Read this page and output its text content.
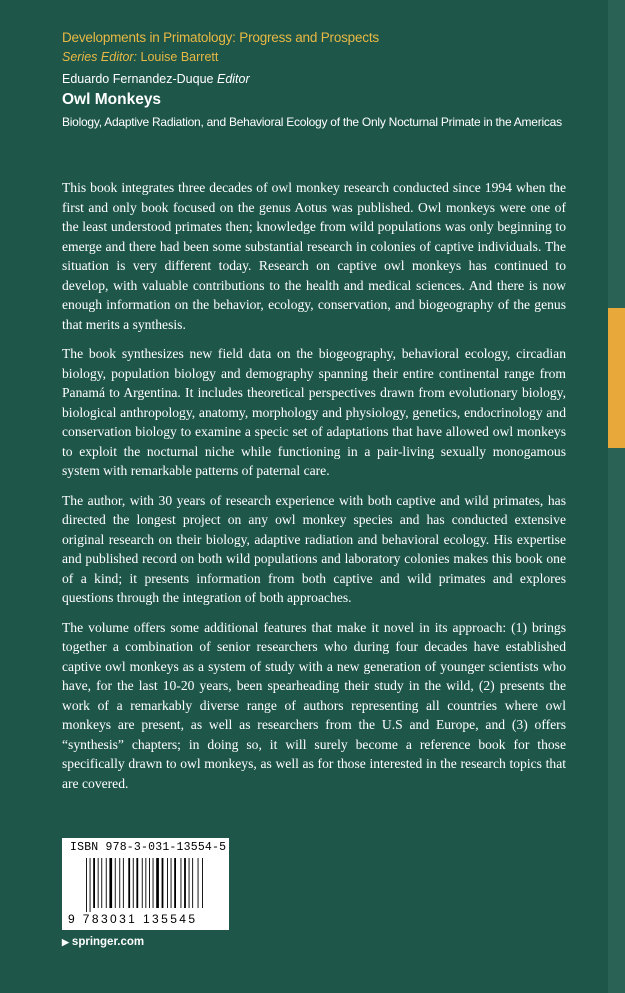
Developments in Primatology: Progress and Prospects
Series Editor: Louise Barrett
Eduardo Fernandez-Duque Editor
Owl Monkeys
Biology, Adaptive Radiation, and Behavioral Ecology of the Only Nocturnal Primate in the Americas

This book integrates three decades of owl monkey research conducted since 1994 when the first and only book focused on the genus Aotus was published. Owl monkeys were one of the least understood primates then; knowledge from wild populations was only beginning to emerge and there had been some substantial research in colonies of captive individuals. The situation is very different today. Research on captive owl monkeys has continued to develop, with valuable contributions to the health and medical sciences. And there is now enough information on the behavior, ecology, conservation, and biogeography of the genus that merits a synthesis.

The book synthesizes new field data on the biogeography, behavioral ecology, circadian biology, population biology and demography spanning their entire continental range from Panamá to Argentina. It includes theoretical perspectives drawn from evolutionary biology, biological anthropology, anatomy, morphology and physiology, genetics, endocrinology and conservation biology to examine a specic set of adaptations that have allowed owl monkeys to exploit the nocturnal niche while functioning in a pair-living sexually monogamous system with remarkable patterns of paternal care.

The author, with 30 years of research experience with both captive and wild primates, has directed the longest project on any owl monkey species and has conducted extensive original research on their biology, adaptive radiation and behavioral ecology. His expertise and published record on both wild populations and laboratory colonies makes this book one of a kind; it presents information from both captive and wild primates and explores questions through the integration of both approaches.

The volume offers some additional features that make it novel in its approach: (1) brings together a combination of senior researchers who during four decades have established captive owl monkeys as a system of study with a new generation of younger scientists who have, for the last 10-20 years, been spearheading their study in the wild, (2) presents the work of a remarkably diverse range of authors representing all countries where owl monkeys are present, as well as researchers from the U.S and Europe, and (3) offers “synthesis” chapters; in doing so, it will surely become a reference book for those specifically drawn to owl monkeys, as well as for those interested in the research topics that are covered.

ISBN 978-3-031-13554-5
9 783031 135545
▶ springer.com
